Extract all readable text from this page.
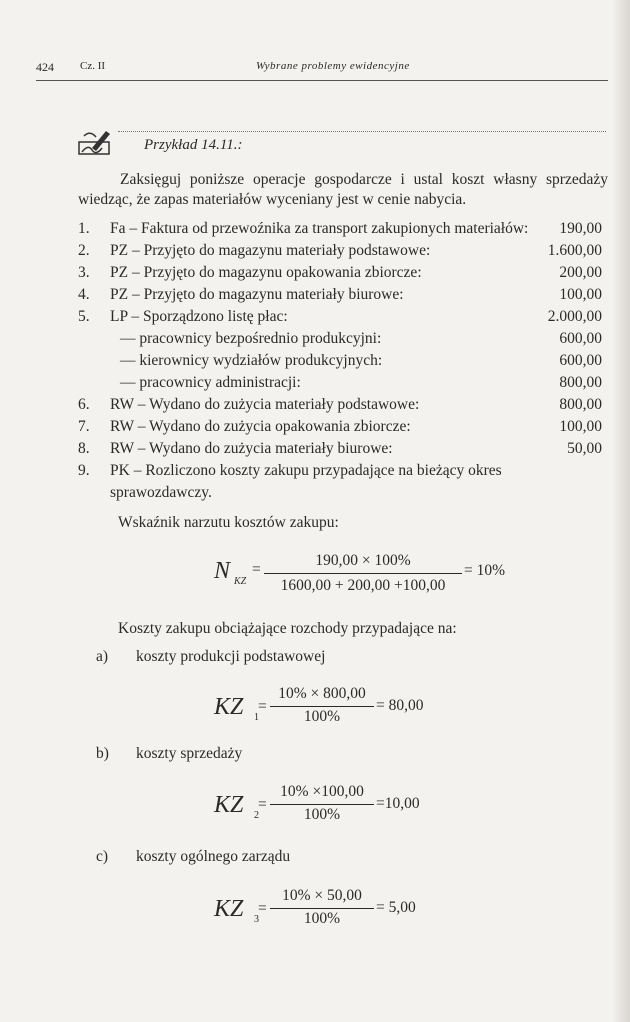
424 Cz. II	Wybrane problemy ewidencyjne
Przykład 14.11.:
Zaksięguj poniższe operacje gospodarcze i ustal koszt własny sprzedaży
wiedząc, że zapas materiałów wyceniany jest w cenie nabycia.
1.	Fa – Faktura od przewoźnika za transport zakupionych materiałów: 190,00
2.	PZ – Przyjęto do magazynu materiały podstawowe:	1.600,00
3.	PZ – Przyjęto do magazynu opakowania zbiorcze:	200,00
4.	PZ – Przyjęto do magazynu materiały biurowe:	100,00
5.	LP – Sporządzono listę płac:	2.000,00
— pracownicy bezpośrednio produkcyjni:	600,00
— kierownicy wydziałów produkcyjnych:	600,00
— pracownicy administracji:	800,00
6.	RW – Wydano do zużycia materiały podstawowe:	800,00
7.	RW – Wydano do zużycia opakowania zbiorcze:	100,00
8.	RW – Wydano do zużycia materiały biurowe:	50,00
9.	PK – Rozliczono koszty zakupu przypadające na bieżący okres sprawozdawczy.
Wskaźnik narzutu kosztów zakupu:
N KZ
=
190,00 × 100%
1600,00 + 200,00 +100,00
= 10%
Koszty zakupu obciążające rozchody przypadające na:
a) koszty produkcji podstawowej
KZ 1
=
10% × 800,00
100%
= 80,00
b) koszty sprzedaży
KZ 2
=
10% ×100,00
100%
=10,00
c) koszty ogólnego zarządu
KZ 3
=
10% × 50,00
100%
= 5,00
